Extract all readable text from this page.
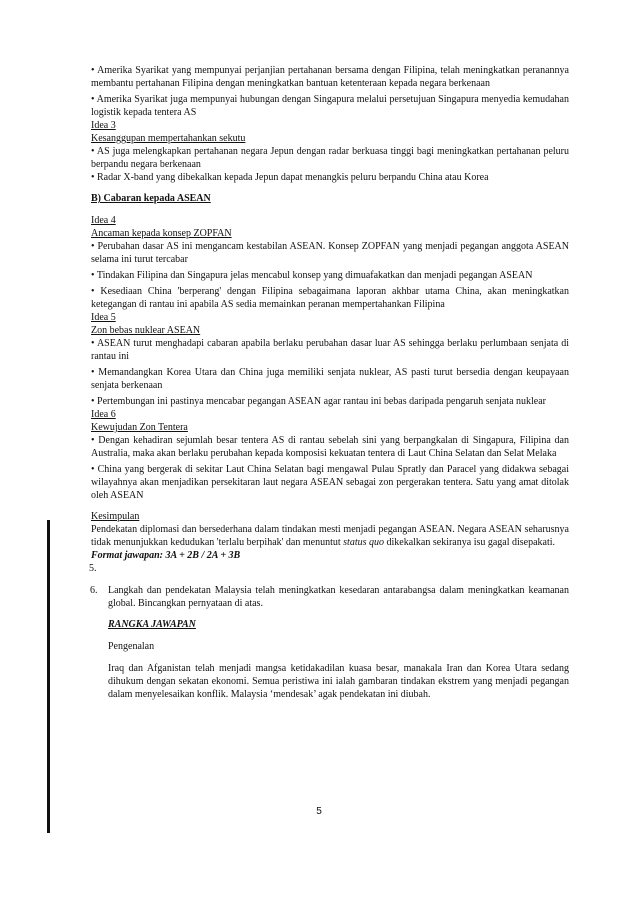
• Amerika Syarikat yang mempunyai perjanjian pertahanan bersama dengan Filipina, telah meningkatkan peranannya membantu pertahanan Filipina dengan meningkatkan bantuan ketenteraan kepada negara berkenaan

• Amerika Syarikat juga mempunyai hubungan dengan Singapura melalui persetujuan Singapura menyedia kemudahan logistik kepada tentera AS

Idea 3
Kesanggupan mempertahankan sekutu

• AS juga melengkapkan pertahanan negara Jepun dengan radar berkuasa tinggi bagi meningkatkan pertahanan peluru berpandu negara berkenaan

• Radar X-band yang dibekalkan kepada Jepun dapat menangkis peluru berpandu China atau Korea

B) Cabaran kepada ASEAN
Idea 4
Ancaman kepada konsep ZOPFAN

• Perubahan dasar AS ini mengancam kestabilan ASEAN. Konsep ZOPFAN yang menjadi pegangan anggota ASEAN selama ini turut tercabar

• Tindakan Filipina dan Singapura jelas mencabul konsep yang dimuafakatkan dan menjadi pegangan ASEAN

• Kesediaan China 'berperang' dengan Filipina sebagaimana laporan akhbar utama China, akan meningkatkan ketegangan di rantau ini apabila AS sedia memainkan peranan mempertahankan Filipina

Idea 5
Zon bebas nuklear ASEAN

• ASEAN turut menghadapi cabaran apabila berlaku perubahan dasar luar AS sehingga berlaku perlumbaan senjata di rantau ini

• Memandangkan Korea Utara dan China juga memiliki senjata nuklear, AS pasti turut bersedia dengan keupayaan senjata berkenaan

• Pertembungan ini pastinya mencabar pegangan ASEAN agar rantau ini bebas daripada pengaruh senjata nuklear

Idea 6
Kewujudan Zon Tentera

• Dengan kehadiran sejumlah besar tentera AS di rantau sebelah sini yang berpangkalan di Singapura, Filipina dan Australia, maka akan berlaku perubahan kepada komposisi kekuatan tentera di Laut China Selatan dan Selat Melaka

• China yang bergerak di sekitar Laut China Selatan bagi mengawal Pulau Spratly dan Paracel yang didakwa sebagai wilayahnya akan menjadikan persekitaran laut negara ASEAN sebagai zon pergerakan tentera. Satu yang amat ditolak oleh ASEAN

Kesimpulan

Pendekatan diplomasi dan bersederhana dalam tindakan mesti menjadi pegangan ASEAN. Negara ASEAN seharusnya tidak menunjukkan kedudukan 'terlalu berpihak' dan menuntut status quo dikekalkan sekiranya isu gagal disepakati.

Format jawapan: 3A + 2B / 2A + 3B
5.
6. Langkah dan pendekatan Malaysia telah meningkatkan kesedaran antarabangsa dalam meningkatkan keamanan global. Bincangkan pernyataan di atas.

RANGKA JAWAPAN
Pengenalan

Iraq dan Afganistan telah menjadi mangsa ketidakadilan kuasa besar, manakala Iran dan Korea Utara sedang dihukum dengan sekatan ekonomi. Semua peristiwa ini ialah gambaran tindakan ekstrem yang menjadi pegangan dalam menyelesaikan konflik. Malaysia ‘mendesak’ agak pendekatan ini diubah.

5
